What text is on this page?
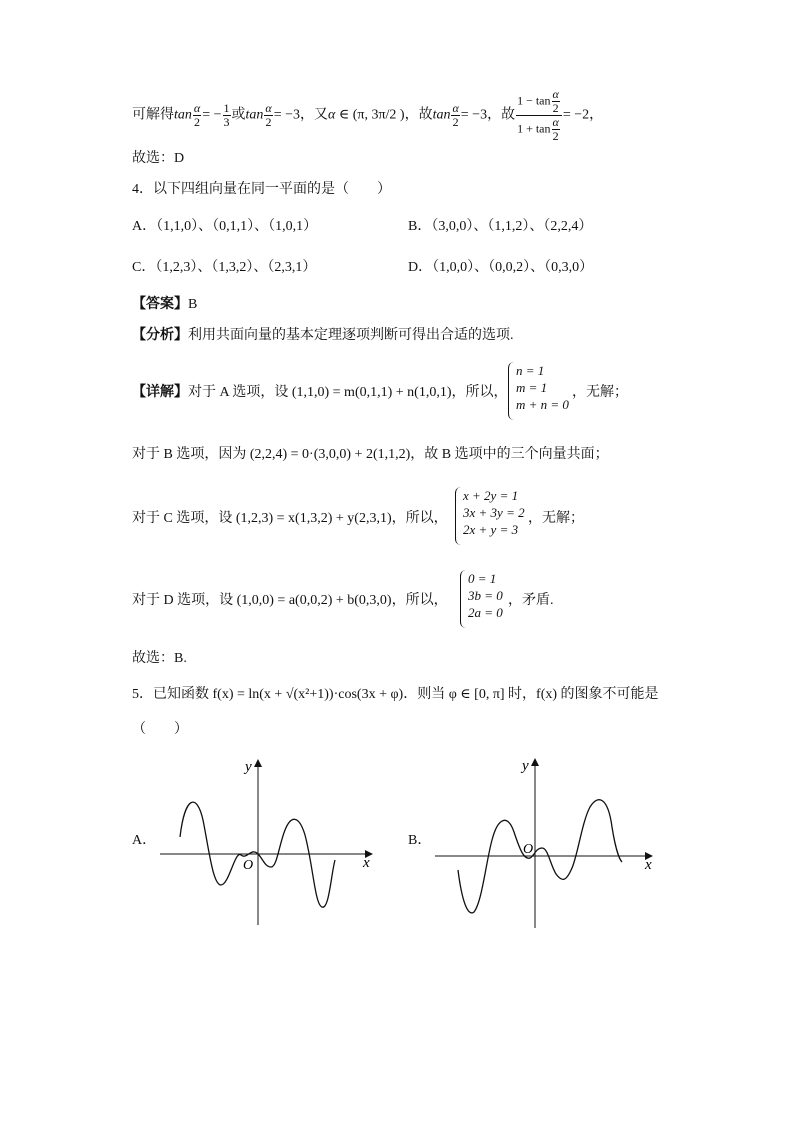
可解得$\tan \frac{\alpha}{2}$ = − $\frac{1}{3}$ 或$\tan \frac{\alpha}{2} = -3$，又α ∈ (π, 3π/2 )，故$\tan \frac{\alpha}{2} = -3$，故 $\frac{1 - \tan \frac{\alpha}{2}}{1 + \tan \frac{\alpha}{2}} = -2$，
故选：D
4．以下四组向量在同一平面的是（　　）
A．（1,1,0）、（0,1,1）、（1,0,1）	B．（3,0,0）、（1,1,2）、（2,2,4）
C．（1,2,3）、（1,3,2）、（2,3,1）	D．（1,0,0）、（0,0,2）、（0,3,0）
【答案】B
【分析】利用共面向量的基本定理逐项判断可得出合适的选项.
【详解】对于 A 选项，设 (1,1,0) = m(0,1,1) + n(1,0,1)，所以，
n = 1
m = 1
m + n = 0
，无解；
对于 B 选项，因为 (2,2,4) = 0·(3,0,0) + 2(1,1,2)，故 B 选项中的三个向量共面；
对于 C 选项，设 (1,2,3) = x(1,3,2) + y(2,3,1)，所以，
x + 2y = 1
3x + 3y = 2
2x + y = 3
，无解；
对于 D 选项，设 (1,0,0) = a(0,0,2) + b(0,3,0)，所以，
0 = 1
3b = 0
2a = 0
，矛盾.
故选：B.
5．已知函数 f(x) = ln(x + √(x²+1))·cos(3x + φ)．则当 φ ∈ [0, π] 时，f(x) 的图象不可能是
（　　）
A．
y
x
O
B．
y
x
O
